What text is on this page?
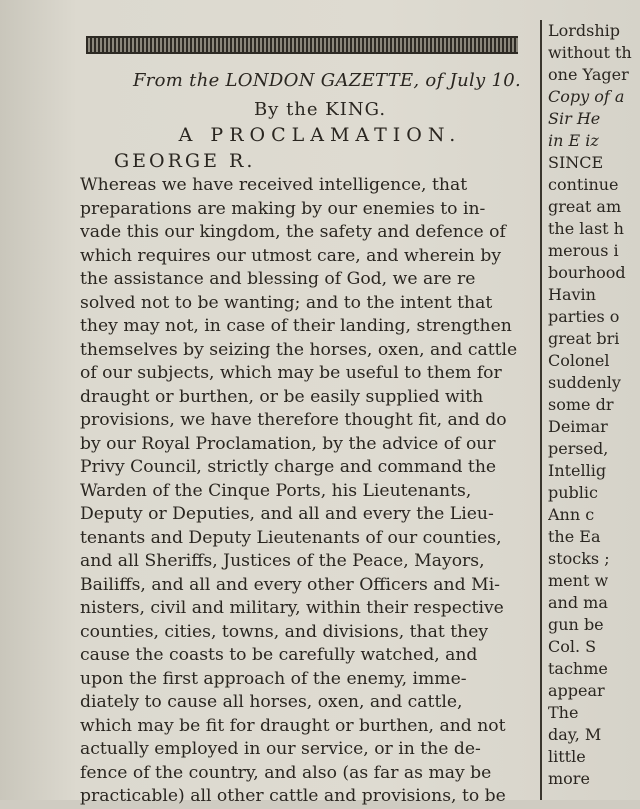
From the LONDON GAZETTE, of July 10.
By the KING.
A PROCLAMATION.
GEORGE R.
Whereas we have received intelligence, that
preparations are making by our enemies to in-
vade this our kingdom, the safety and defence of
which requires our utmost care, and wherein by
the assistance and blessing of God, we are re
solved not to be wanting; and to the intent that
they may not, in case of their landing, strengthen
themselves by seizing the horses, oxen, and cattle
of our subjects, which may be useful to them for
draught or burthen, or be easily supplied with
provisions, we have therefore thought fit, and do
by our Royal Proclamation, by the advice of our
Privy Council, strictly charge and command the
Warden of the Cinque Ports, his Lieutenants,
Deputy or Deputies, and all and every the Lieu-
tenants and Deputy Lieutenants of our counties,
and all Sheriffs, Justices of the Peace, Mayors,
Bailiffs, and all and every other Officers and Mi-
nisters, civil and military, within their respective
counties, cities, towns, and divisions, that they
cause the coasts to be carefully watched, and
upon the first approach of the enemy, imme-
diately to cause all horses, oxen, and cattle,
which may be fit for draught or burthen, and not
actually employed in our service, or in the de-
fence of the country, and also (as far as may be
practicable) all other cattle and provisions, to be
Lordship
without th
one Yager
Copy of a
Sir He
in E iz
SINCE
continue
great am
the last h
merous i
bourhood
Havin
parties o
great bri
Colonel
suddenly
some dr
Deimar
persed,
Intellig
public
Ann c
the Ea
stocks ;
ment w
and ma
gun be
Col. S
tachme
appear
The
day, M
little
more
